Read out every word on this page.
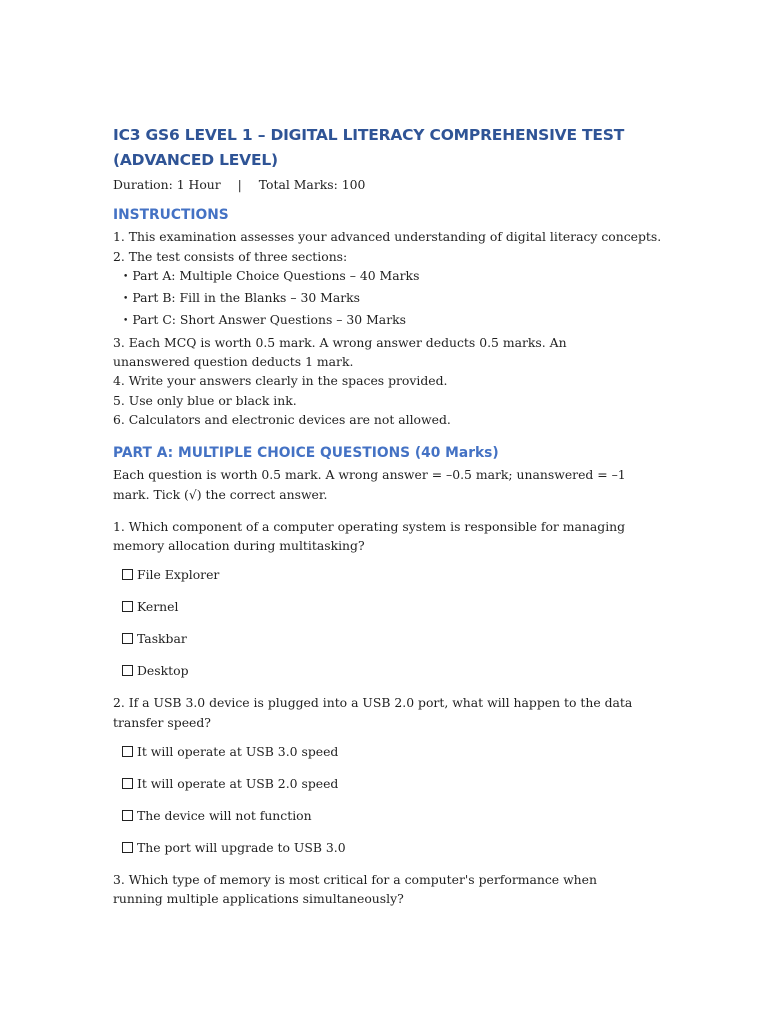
IC3 GS6 LEVEL 1 – DIGITAL LITERACY COMPREHENSIVE TEST (ADVANCED LEVEL)

Duration: 1 Hour | Total Marks: 100

INSTRUCTIONS

1. This examination assesses your advanced understanding of digital literacy concepts.

2. The test consists of three sections:

• Part A: Multiple Choice Questions – 40 Marks

• Part B: Fill in the Blanks – 30 Marks

• Part C: Short Answer Questions – 30 Marks

3. Each MCQ is worth 0.5 mark. A wrong answer deducts 0.5 marks. An unanswered question deducts 1 mark.

4. Write your answers clearly in the spaces provided.

5. Use only blue or black ink.

6. Calculators and electronic devices are not allowed.

PART A: MULTIPLE CHOICE QUESTIONS (40 Marks)

Each question is worth 0.5 mark. A wrong answer = –0.5 mark; unanswered = –1 mark. Tick (√) the correct answer.

1. Which component of a computer operating system is responsible for managing memory allocation during multitasking?

File Explorer
Kernel
Taskbar
Desktop

2. If a USB 3.0 device is plugged into a USB 2.0 port, what will happen to the data transfer speed?

It will operate at USB 3.0 speed
It will operate at USB 2.0 speed
The device will not function
The port will upgrade to USB 3.0

3. Which type of memory is most critical for a computer's performance when running multiple applications simultaneously?
